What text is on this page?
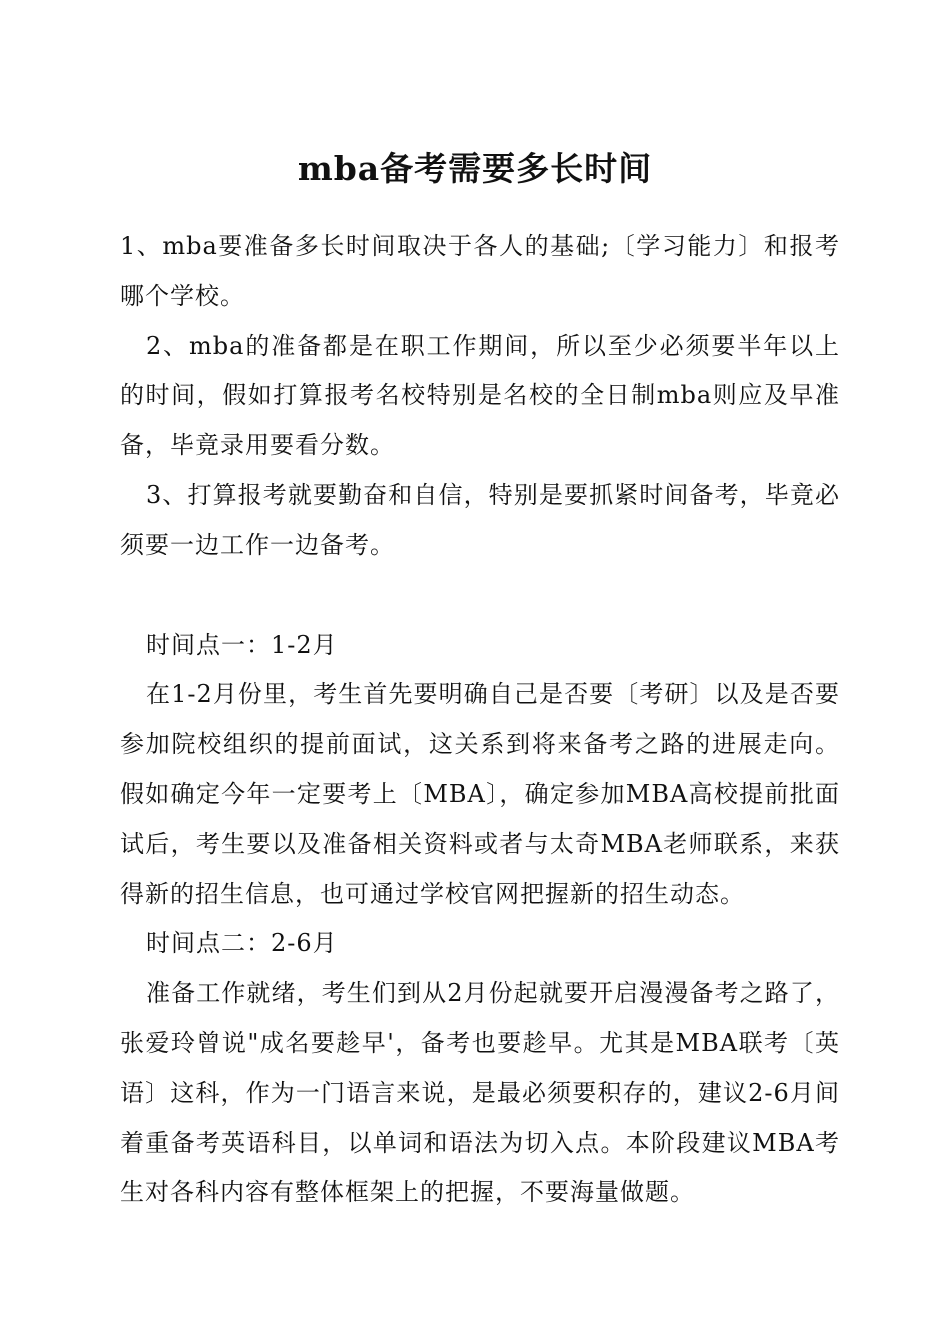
mba备考需要多长时间

1、mba要准备多长时间取决于各人的基础;〔学习能力〕和报考哪个学校。

2、mba的准备都是在职工作期间，所以至少必须要半年以上的时间，假如打算报考名校特别是名校的全日制mba则应及早准备，毕竟录用要看分数。

3、打算报考就要勤奋和自信，特别是要抓紧时间备考，毕竟必须要一边工作一边备考。

时间点一：1-2月

在1-2月份里，考生首先要明确自己是否要〔考研〕以及是否要参加院校组织的提前面试，这关系到将来备考之路的进展走向。假如确定今年一定要考上〔MBA〕，确定参加MBA高校提前批面试后，考生要以及准备相关资料或者与太奇MBA老师联系，来获得新的招生信息，也可通过学校官网把握新的招生动态。

时间点二：2-6月

准备工作就绪，考生们到从2月份起就要开启漫漫备考之路了，张爱玲曾说"成名要趁早'，备考也要趁早。尤其是MBA联考〔英语〕这科，作为一门语言来说，是最必须要积存的，建议2-6月间着重备考英语科目，以单词和语法为切入点。本阶段建议MBA考生对各科内容有整体框架上的把握，不要海量做题。
